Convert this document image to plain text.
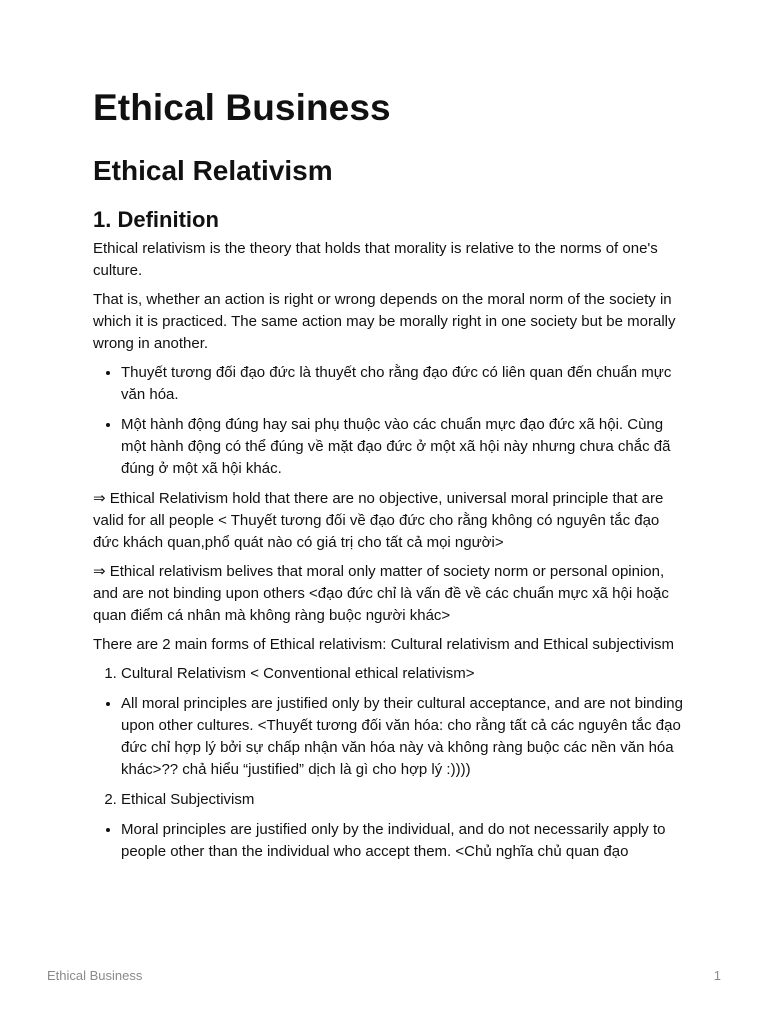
Ethical Business
Ethical Relativism
1. Definition

Ethical relativism is the theory that holds that morality is relative to the norms of one's culture.

That is, whether an action is right or wrong depends on the moral norm of the society in which it is practiced. The same action may be morally right in one society but be morally wrong in another.

• Thuyết tương đối đạo đức là thuyết cho rằng đạo đức có liên quan đến chuẩn mực văn hóa.
• Một hành động đúng hay sai phụ thuộc vào các chuẩn mực đạo đức xã hội. Cùng một hành động có thể đúng về mặt đạo đức ở một xã hội này nhưng chưa chắc đã đúng ở một xã hội khác.

⇒ Ethical Relativism hold that there are no objective, universal moral principle that are valid for all people < Thuyết tương đối về đạo đức cho rằng không có nguyên tắc đạo đức khách quan,phổ quát nào có giá trị cho tất cả mọi người>

⇒ Ethical relativism belives that moral only matter of society norm or personal opinion, and are not binding upon others <đạo đức chỉ là vấn đề về các chuẩn mực xã hội hoặc quan điểm cá nhân mà không ràng buộc người khác>

There are 2 main forms of Ethical relativism: Cultural relativism and Ethical subjectivism

1. Cultural Relativism < Conventional ethical relativism>
• All moral principles are justified only by their cultural acceptance, and are not binding upon other cultures. <Thuyết tương đối văn hóa: cho rằng tất cả các nguyên tắc đạo đức chỉ hợp lý bởi sự chấp nhận văn hóa này và không ràng buộc các nền văn hóa khác>?? chả hiểu “justified” dịch là gì cho hợp lý :))))
2. Ethical Subjectivism
• Moral principles are justified only by the individual, and do not necessarily apply to people other than the individual who accept them. <Chủ nghĩa chủ quan đạo
Ethical Business	1
